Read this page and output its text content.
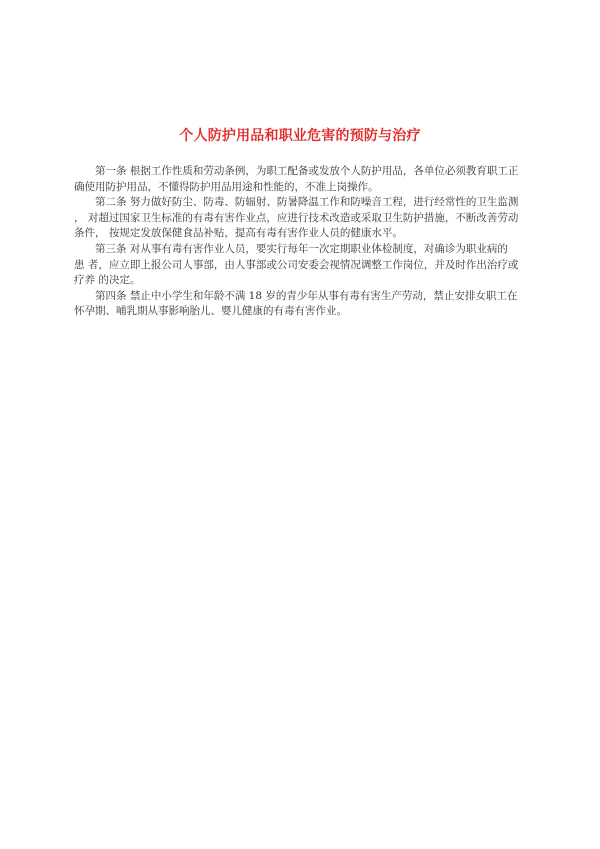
个人防护用品和职业危害的预防与治疗
第一条 根据工作性质和劳动条例，为职工配备或发放个人防护用品，各单位必须教育职工正
确使用防护用品，不懂得防护用品用途和性能的，不准上岗操作。
第二条 努力做好防尘、防毒、防辐射、防暑降温工作和防噪音工程，进行经常性的卫生监测
， 对超过国家卫生标准的有毒有害作业点，应进行技术改造或采取卫生防护措施，不断改善劳动
条件， 按规定发放保健食品补贴，提高有毒有害作业人员的健康水平。
第三条 对从事有毒有害作业人员，要实行每年一次定期职业体检制度，对确诊为职业病的
患 者，应立即上报公司人事部，由人事部或公司安委会视情况调整工作岗位，并及时作出治疗或
疗养 的决定。
第四条 禁止中小学生和年龄不满 18 岁的青少年从事有毒有害生产劳动，禁止安排女职工在
怀孕期、哺乳期从事影响胎儿、婴儿健康的有毒有害作业。
